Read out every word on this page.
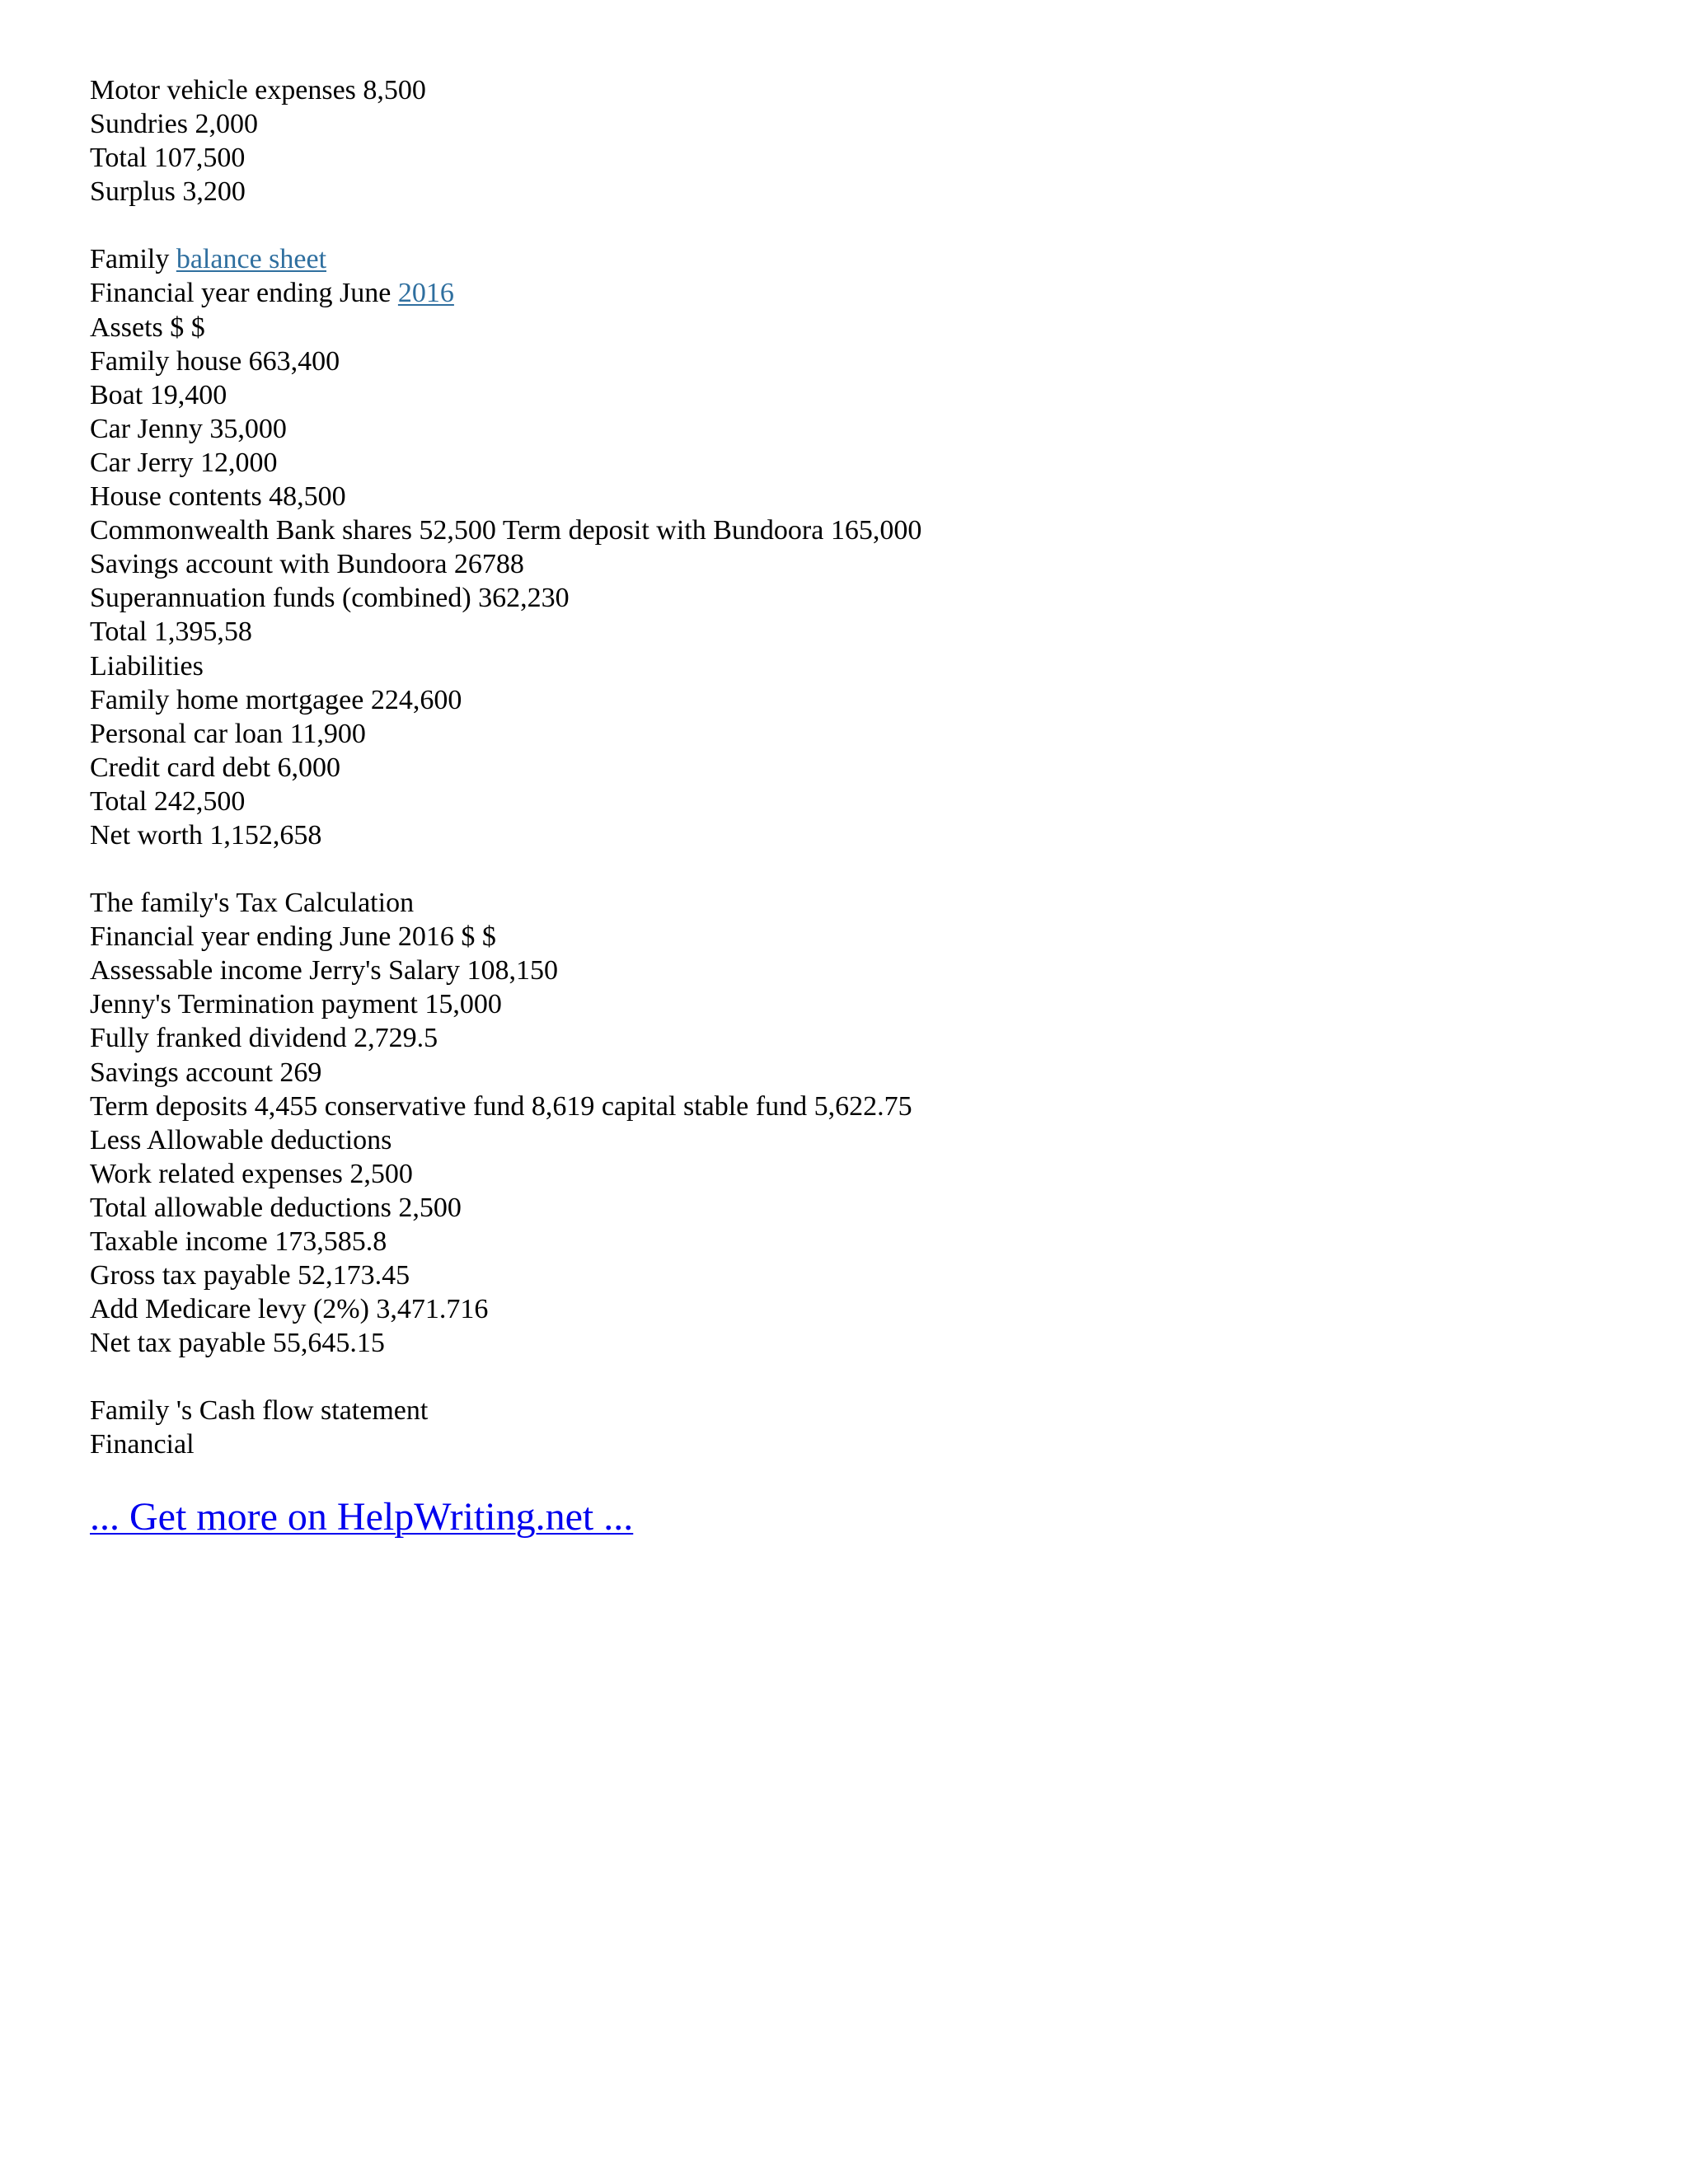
Motor vehicle expenses 8,500
Sundries 2,000
Total 107,500
Surplus 3,200
Family balance sheet
Financial year ending June 2016
Assets $ $
Family house 663,400
Boat 19,400
Car Jenny 35,000
Car Jerry 12,000
House contents 48,500
Commonwealth Bank shares 52,500 Term deposit with Bundoora 165,000
Savings account with Bundoora 26788
Superannuation funds (combined) 362,230
Total 1,395,58
Liabilities
Family home mortgagee 224,600
Personal car loan 11,900
Credit card debt 6,000
Total 242,500
Net worth 1,152,658
The family's Tax Calculation
Financial year ending June 2016 $ $
Assessable income Jerry's Salary 108,150
Jenny's Termination payment 15,000
Fully franked dividend 2,729.5
Savings account 269
Term deposits 4,455 conservative fund 8,619 capital stable fund 5,622.75
Less Allowable deductions
Work related expenses 2,500
Total allowable deductions 2,500
Taxable income 173,585.8
Gross tax payable 52,173.45
Add Medicare levy (2%) 3,471.716
Net tax payable 55,645.15
Family 's Cash flow statement
Financial
... Get more on HelpWriting.net ...
